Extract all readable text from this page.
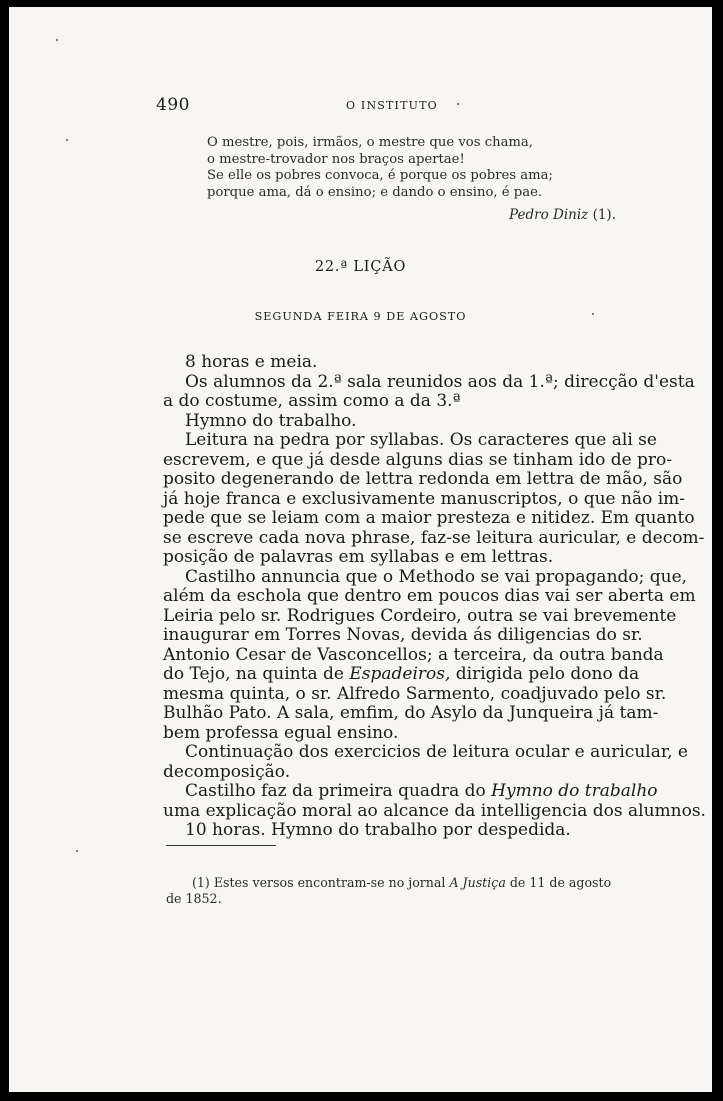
490	O INSTITUTO
O mestre, pois, irmãos, o mestre que vos chama,
o mestre-trovador nos braços apertae!
Se elle os pobres convoca, é porque os pobres ama;
porque ama, dá o ensino; e dando o ensino, é pae.
Pedro Diniz (1).
22.ª LIÇÃO
SEGUNDA FEIRA 9 DE AGOSTO
8 horas e meia.
Os alumnos da 2.ª sala reunidos aos da 1.ª; direcção d'esta
a do costume, assim como a da 3.ª
Hymno do trabalho.
Leitura na pedra por syllabas. Os caracteres que ali se
escrevem, e que já desde alguns dias se tinham ido de pro-
posito degenerando de lettra redonda em lettra de mão, são
já hoje franca e exclusivamente manuscriptos, o que não im-
pede que se leiam com a maior presteza e nitidez. Em quanto
se escreve cada nova phrase, faz-se leitura auricular, e decom-
posição de palavras em syllabas e em lettras.
Castilho annuncia que o Methodo se vai propagando; que,
além da eschola que dentro em poucos dias vai ser aberta em
Leiria pelo sr. Rodrigues Cordeiro, outra se vai brevemente
inaugurar em Torres Novas, devida ás diligencias do sr.
Antonio Cesar de Vasconcellos; a terceira, da outra banda
do Tejo, na quinta de Espadeiros, dirigida pelo dono da
mesma quinta, o sr. Alfredo Sarmento, coadjuvado pelo sr.
Bulhão Pato. A sala, emfim, do Asylo da Junqueira já tam-
bem professa egual ensino.
Continuação dos exercicios de leitura ocular e auricular, e
decomposição.
Castilho faz da primeira quadra do Hymno do trabalho
uma explicação moral ao alcance da intelligencia dos alumnos.
10 horas. Hymno do trabalho por despedida.
(1) Estes versos encontram-se no jornal A Justiça de 11 de agosto
de 1852.
